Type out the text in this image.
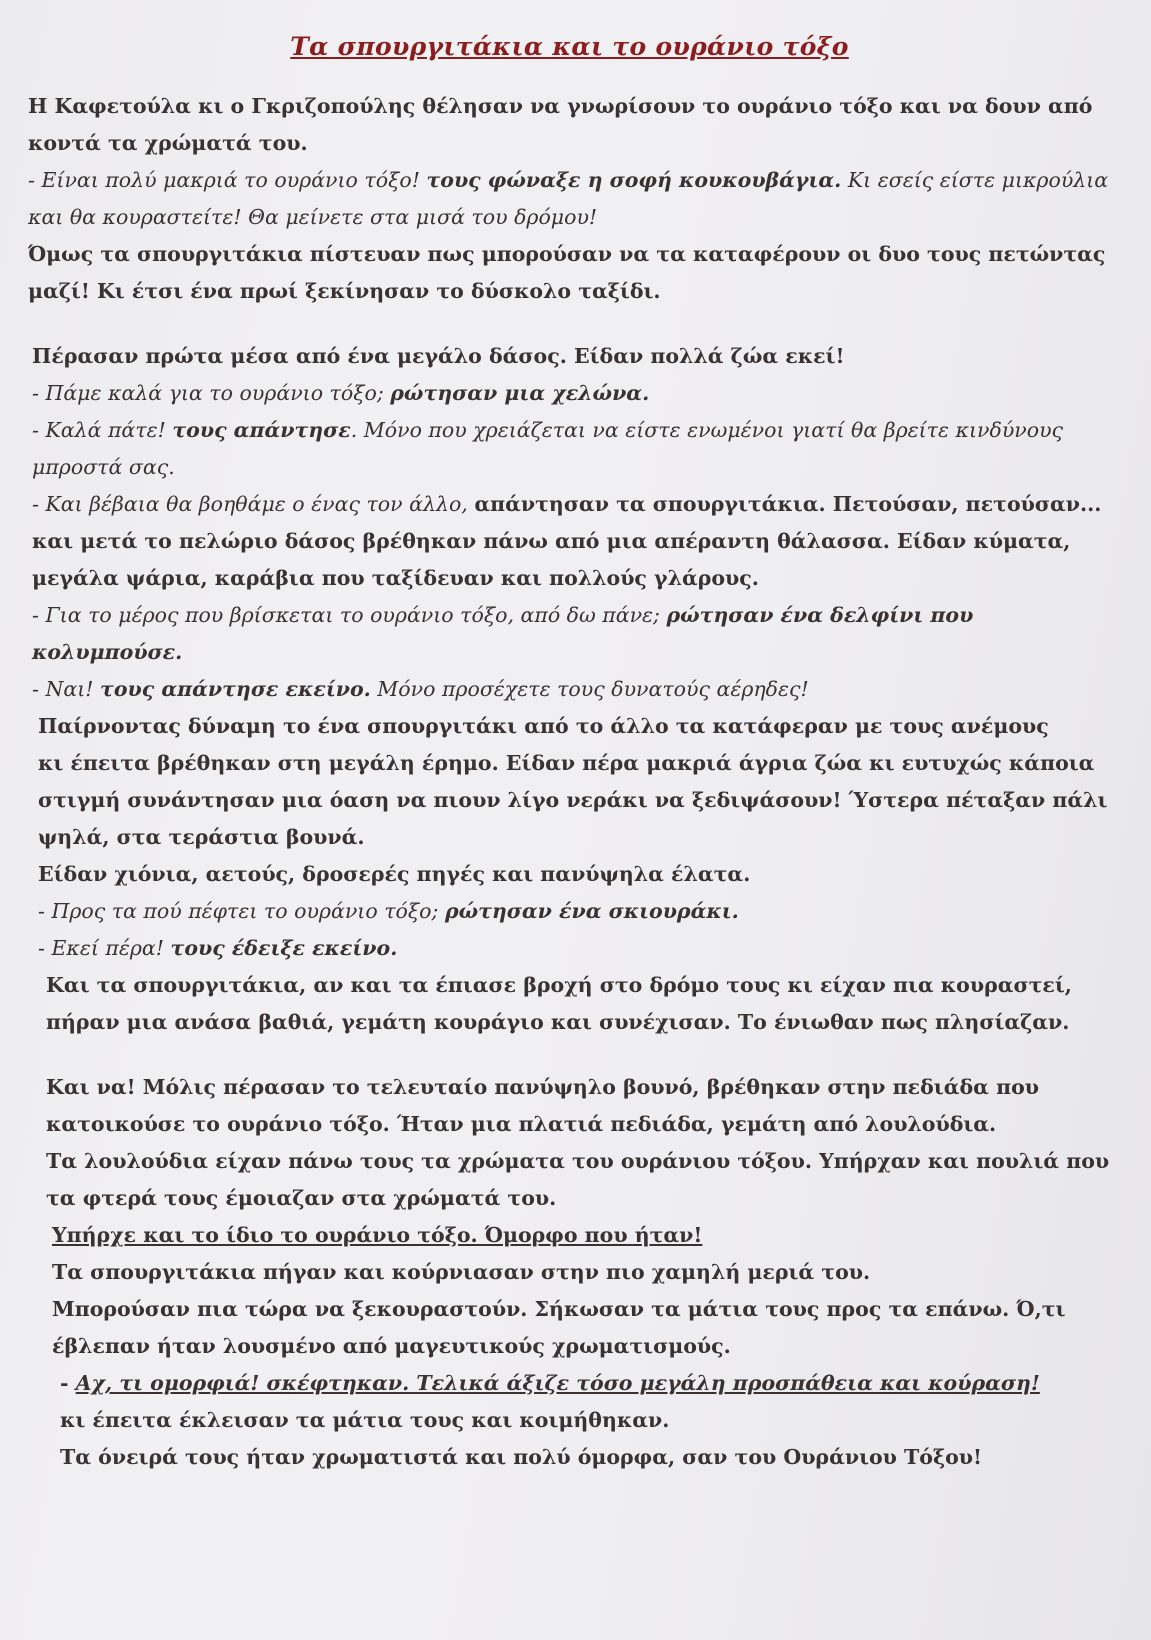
Τα σπουργιτάκια και το ουράνιο τόξο

Η Καφετούλα κι ο Γκριζοπούλης θέλησαν να γνωρίσουν το ουράνιο τόξο και να δουν από

κοντά τα χρώματά του.

- Είναι πολύ μακριά το ουράνιο τόξο! τους φώναξε η σοφή κουκουβάγια. Κι εσείς είστε μικρούλια

και θα κουραστείτε! Θα μείνετε στα μισά του δρόμου!

Όμως τα σπουργιτάκια πίστευαν πως μπορούσαν να τα καταφέρουν οι δυο τους πετώντας

μαζί! Κι έτσι ένα πρωί ξεκίνησαν το δύσκολο ταξίδι.

Πέρασαν πρώτα μέσα από ένα μεγάλο δάσος. Είδαν πολλά ζώα εκεί!

- Πάμε καλά για το ουράνιο τόξο; ρώτησαν μια χελώνα.

- Καλά πάτε! τους απάντησε. Μόνο που χρειάζεται να είστε ενωμένοι γιατί θα βρείτε κινδύνους

μπροστά σας.

- Και βέβαια θα βοηθάμε ο ένας τον άλλο, απάντησαν τα σπουργιτάκια. Πετούσαν, πετούσαν...

και μετά το πελώριο δάσος βρέθηκαν πάνω από μια απέραντη θάλασσα. Είδαν κύματα,

μεγάλα ψάρια, καράβια που ταξίδευαν και πολλούς γλάρους.

- Για το μέρος που βρίσκεται το ουράνιο τόξο, από δω πάνε; ρώτησαν ένα δελφίνι που

κολυμπούσε.

- Ναι! τους απάντησε εκείνο. Μόνο προσέχετε τους δυνατούς αέρηδες!

Παίρνοντας δύναμη το ένα σπουργιτάκι από το άλλο τα κατάφεραν με τους ανέμους

κι έπειτα βρέθηκαν στη μεγάλη έρημο. Είδαν πέρα μακριά άγρια ζώα κι ευτυχώς κάποια

στιγμή συνάντησαν μια όαση να πιουν λίγο νεράκι να ξεδιψάσουν! Ύστερα πέταξαν πάλι

ψηλά, στα τεράστια βουνά.

Είδαν χιόνια, αετούς, δροσερές πηγές και πανύψηλα έλατα.

- Προς τα πού πέφτει το ουράνιο τόξο; ρώτησαν ένα σκιουράκι.

- Εκεί πέρα! τους έδειξε εκείνο.

Και τα σπουργιτάκια, αν και τα έπιασε βροχή στο δρόμο τους κι είχαν πια κουραστεί,

πήραν μια ανάσα βαθιά, γεμάτη κουράγιο και συνέχισαν. Το ένιωθαν πως πλησίαζαν.

Και να! Μόλις πέρασαν το τελευταίο πανύψηλο βουνό, βρέθηκαν στην πεδιάδα που

κατοικούσε το ουράνιο τόξο. Ήταν μια πλατιά πεδιάδα, γεμάτη από λουλούδια.

Τα λουλούδια είχαν πάνω τους τα χρώματα του ουράνιου τόξου. Υπήρχαν και πουλιά που

τα φτερά τους έμοιαζαν στα χρώματά του.

Υπήρχε και το ίδιο το ουράνιο τόξο. Όμορφο που ήταν!

Τα σπουργιτάκια πήγαν και κούρνιασαν στην πιο χαμηλή μεριά του.

Μπορούσαν πια τώρα να ξεκουραστούν. Σήκωσαν τα μάτια τους προς τα επάνω. Ό,τι

έβλεπαν ήταν λουσμένο από μαγευτικούς χρωματισμούς.

- Αχ, τι ομορφιά! σκέφτηκαν. Τελικά άξιζε τόσο μεγάλη προσπάθεια και κούραση!

κι έπειτα έκλεισαν τα μάτια τους και κοιμήθηκαν.

Τα όνειρά τους ήταν χρωματιστά και πολύ όμορφα, σαν του Ουράνιου Τόξου!
